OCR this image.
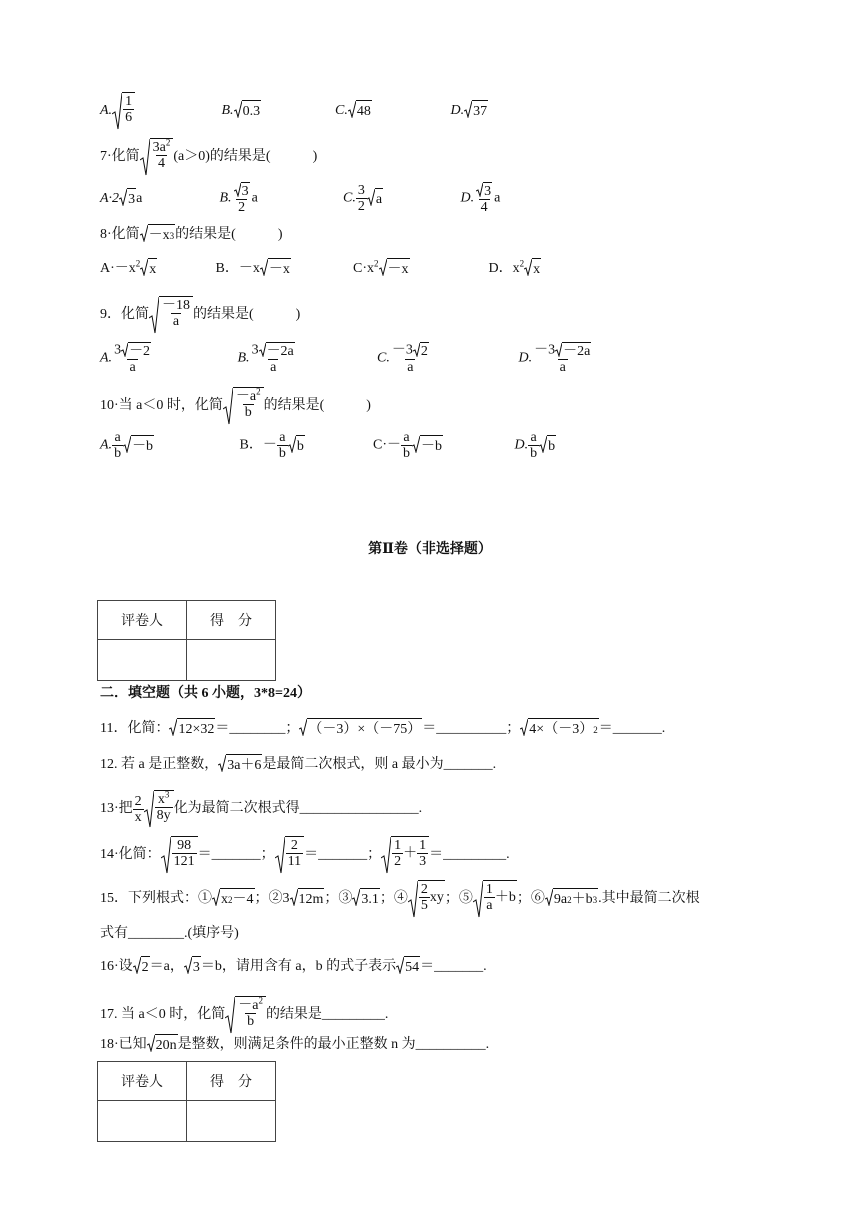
A.
1
6	B. 0.3	C. 48	D. 37
7·化简
$3a^2$
4 (a＞0)的结果是(　　　)
A·2 3 a	B. $\frac{3}{2}$ a	C. $\frac{3}{2}$ a	D. $\frac{3}{4}$ a
8·化简 －x 3 的结果是(　　　)
$A\cdot-x^2$ x	B．－x －x	$C\cdot x^2 -x$	D．$x^2$ x
9．化简
－18
a 的结果是(　　　)
A. $\frac{3 -2}{a}$	B. $\frac{3 -2a}{a}$	C. $\frac{-3 2}{a}$	D. $\frac{-3 -2a}{a}$
10·当 a＜0 时，化简
$-a^2$
b 的结果是(　　　)
A. $\frac{a}{b} -b$	B．－ $\frac{a}{b}$ b	$C\cdot- \frac{a}{b} -b$	D. $\frac{a}{b}$ b
第Ⅱ卷（非选择题）
评卷人	得　分

二．填空题（共 6 小题，3*8=24）
11．化简： 12×32 ＝________； （－3）×（－75） ＝__________； 4×（－3） 2 ＝_______.
12. 若 a 是正整数， 3a＋6 是最简二次根式，则 a 最小为_______.
13·把 $\frac{2}{x} x^3$
8y 化为最简二次根式得_________________.
14·化简：
98
121 ＝_______；
2
11 ＝_______；
1
2
＋ 1
3 ＝_________.
15．下列根式：① x 2 －4 ；②3 12m ；③ 3.1 ；④
2
5
xy ；⑤
1
a
＋b ；⑥ 9a 2 ＋b 3 .其中最简二次根
式有________.(填序号)
16·设 2 ＝a， 3 ＝b，请用含有 a，b 的式子表示 54 ＝_______.
17. 当 a＜0 时，化简
$-a^2$
b 的结果是_________.
18·已知 20n 是整数，则满足条件的最小正整数 n 为__________.
评卷人	得　分
